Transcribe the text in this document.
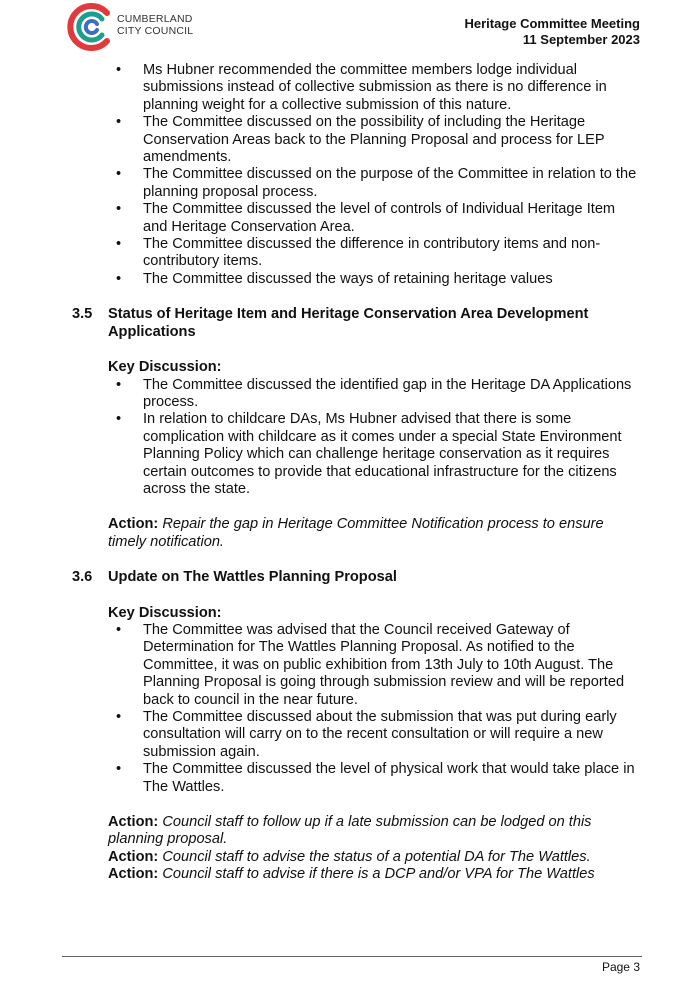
CUMBERLAND
CITY COUNCIL	Heritage Committee Meeting
11 September 2023
• Ms Hubner recommended the committee members lodge individual submissions instead of collective submission as there is no difference in planning weight for a collective submission of this nature.
• The Committee discussed on the possibility of including the Heritage Conservation Areas back to the Planning Proposal and process for LEP amendments.
• The Committee discussed on the purpose of the Committee in relation to the planning proposal process.
• The Committee discussed the level of controls of Individual Heritage Item and Heritage Conservation Area.
• The Committee discussed the difference in contributory items and non-contributory items.
• The Committee discussed the ways of retaining heritage values
3.5	Status of Heritage Item and Heritage Conservation Area Development Applications
Key Discussion:
• The Committee discussed the identified gap in the Heritage DA Applications process.
• In relation to childcare DAs, Ms Hubner advised that there is some complication with childcare as it comes under a special State Environment Planning Policy which can challenge heritage conservation as it requires certain outcomes to provide that educational infrastructure for the citizens across the state.
Action: Repair the gap in Heritage Committee Notification process to ensure timely notification.
3.6	Update on The Wattles Planning Proposal
Key Discussion:
• The Committee was advised that the Council received Gateway of Determination for The Wattles Planning Proposal. As notified to the Committee, it was on public exhibition from 13th July to 10th August. The Planning Proposal is going through submission review and will be reported back to council in the near future.
• The Committee discussed about the submission that was put during early consultation will carry on to the recent consultation or will require a new submission again.
• The Committee discussed the level of physical work that would take place in The Wattles.
Action: Council staff to follow up if a late submission can be lodged on this planning proposal.
Action: Council staff to advise the status of a potential DA for The Wattles.
Action: Council staff to advise if there is a DCP and/or VPA for The Wattles
Page 3
